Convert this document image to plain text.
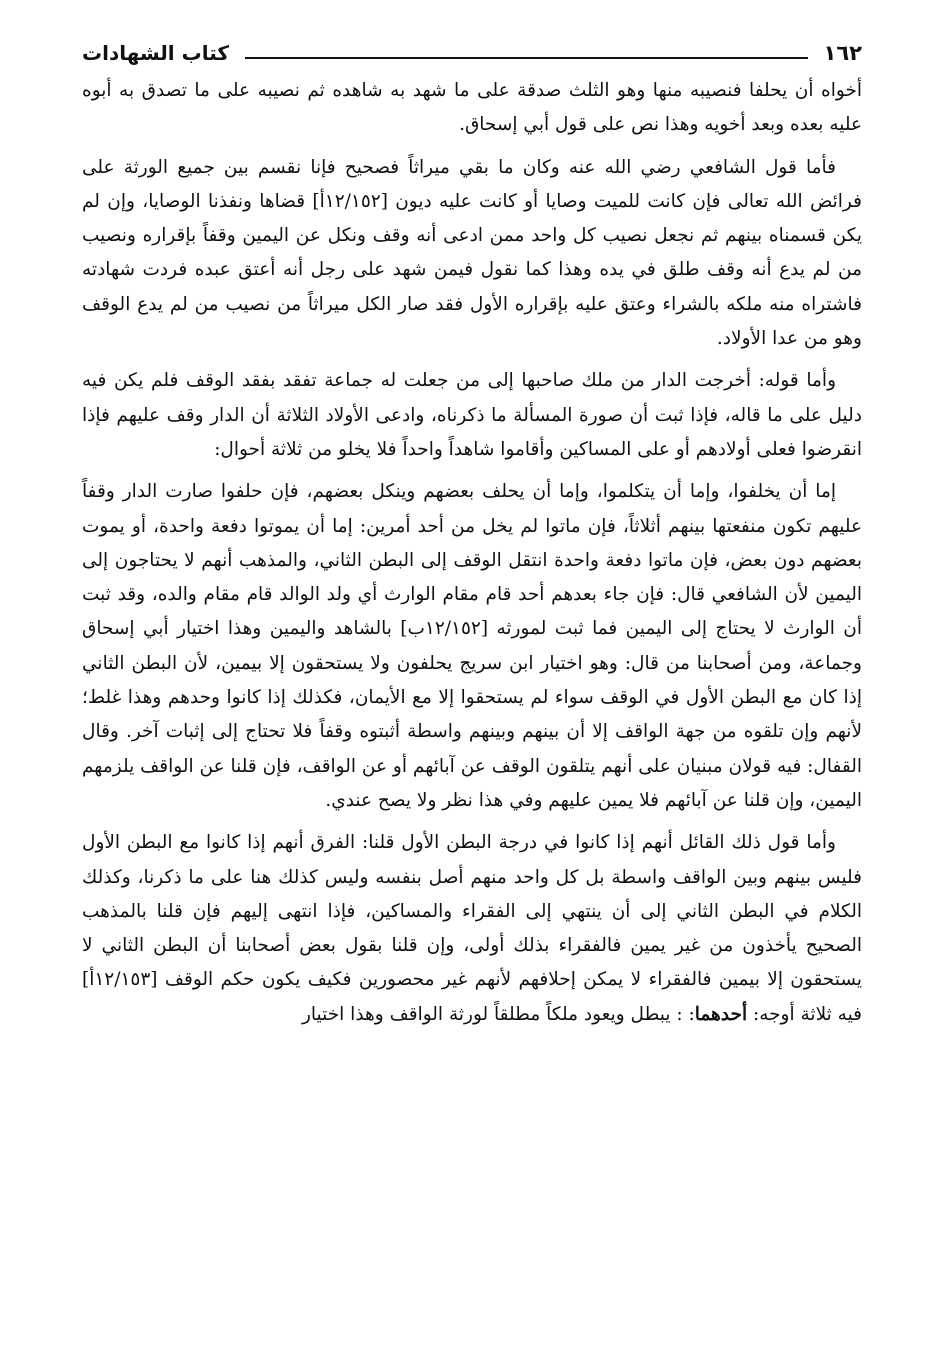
١٦٢
كتاب الشهادات

أخواه أن يحلفا فنصيبه منها وهو الثلث صدقة على ما شهد به شاهده ثم نصيبه على ما تصدق به أبوه عليه بعده وبعد أخويه وهذا نص على قول أبي إسحاق.

فأما قول الشافعي رضي الله عنه وكان ما بقي ميراثاً فصحيح فإنا نقسم بين جميع الورثة على فرائض الله تعالى فإن كانت للميت وصايا أو كانت عليه ديون [١٢/١٥٢أ] قضاها ونفذنا الوصايا، وإن لم يكن قسمناه بينهم ثم نجعل نصيب كل واحد ممن ادعى أنه وقف ونكل عن اليمين وقفاً بإقراره ونصيب من لم يدع أنه وقف طلق في يده وهذا كما نقول فيمن شهد على رجل أنه أعتق عبده فردت شهادته فاشتراه منه ملكه بالشراء وعتق عليه بإقراره الأول فقد صار الكل ميراثاً من نصيب من لم يدع الوقف وهو من عدا الأولاد.

وأما قوله: أخرجت الدار من ملك صاحبها إلى من جعلت له جماعة تفقد بفقد الوقف فلم يكن فيه دليل على ما قاله، فإذا ثبت أن صورة المسألة ما ذكرناه، وادعى الأولاد الثلاثة أن الدار وقف عليهم فإذا انقرضوا فعلى أولادهم أو على المساكين وأقاموا شاهداً واحداً فلا يخلو من ثلاثة أحوال:

إما أن يخلفوا، وإما أن يتكلموا، وإما أن يحلف بعضهم وينكل بعضهم، فإن حلفوا صارت الدار وقفاً عليهم تكون منفعتها بينهم أثلاثاً، فإن ماتوا لم يخل من أحد أمرين: إما أن يموتوا دفعة واحدة، أو يموت بعضهم دون بعض، فإن ماتوا دفعة واحدة انتقل الوقف إلى البطن الثاني، والمذهب أنهم لا يحتاجون إلى اليمين لأن الشافعي قال: فإن جاء بعدهم أحد قام مقام الوارث أي ولد الوالد قام مقام والده، وقد ثبت أن الوارث لا يحتاج إلى اليمين فما ثبت لمورثه [١٢/١٥٢ب] بالشاهد واليمين وهذا اختيار أبي إسحاق وجماعة، ومن أصحابنا من قال: وهو اختيار ابن سريج يحلفون ولا يستحقون إلا بيمين، لأن البطن الثاني إذا كان مع البطن الأول في الوقف سواء لم يستحقوا إلا مع الأيمان، فكذلك إذا كانوا وحدهم وهذا غلط؛ لأنهم وإن تلقوه من جهة الواقف إلا أن بينهم وبينهم واسطة أثبتوه وقفاً فلا تحتاج إلى إثبات آخر. وقال القفال: فيه قولان مبنيان على أنهم يتلقون الوقف عن آبائهم أو عن الواقف، فإن قلنا عن الواقف يلزمهم اليمين، وإن قلنا عن آبائهم فلا يمين عليهم وفي هذا نظر ولا يصح عندي.

وأما قول ذلك القائل أنهم إذا كانوا في درجة البطن الأول قلنا: الفرق أنهم إذا كانوا مع البطن الأول فليس بينهم وبين الواقف واسطة بل كل واحد منهم أصل بنفسه وليس كذلك هنا على ما ذكرنا، وكذلك الكلام في البطن الثاني إلى أن ينتهي إلى الفقراء والمساكين، فإذا انتهى إليهم فإن قلنا بالمذهب الصحيح يأخذون من غير يمين فالفقراء بذلك أولى، وإن قلنا بقول بعض أصحابنا أن البطن الثاني لا يستحقون إلا بيمين فالفقراء لا يمكن إحلافهم لأنهم غير محصورين فكيف يكون حكم الوقف [١٢/١٥٣أ] فيه ثلاثة أوجه: أحدهما: : يبطل ويعود ملكاً مطلقاً لورثة الواقف وهذا اختيار
